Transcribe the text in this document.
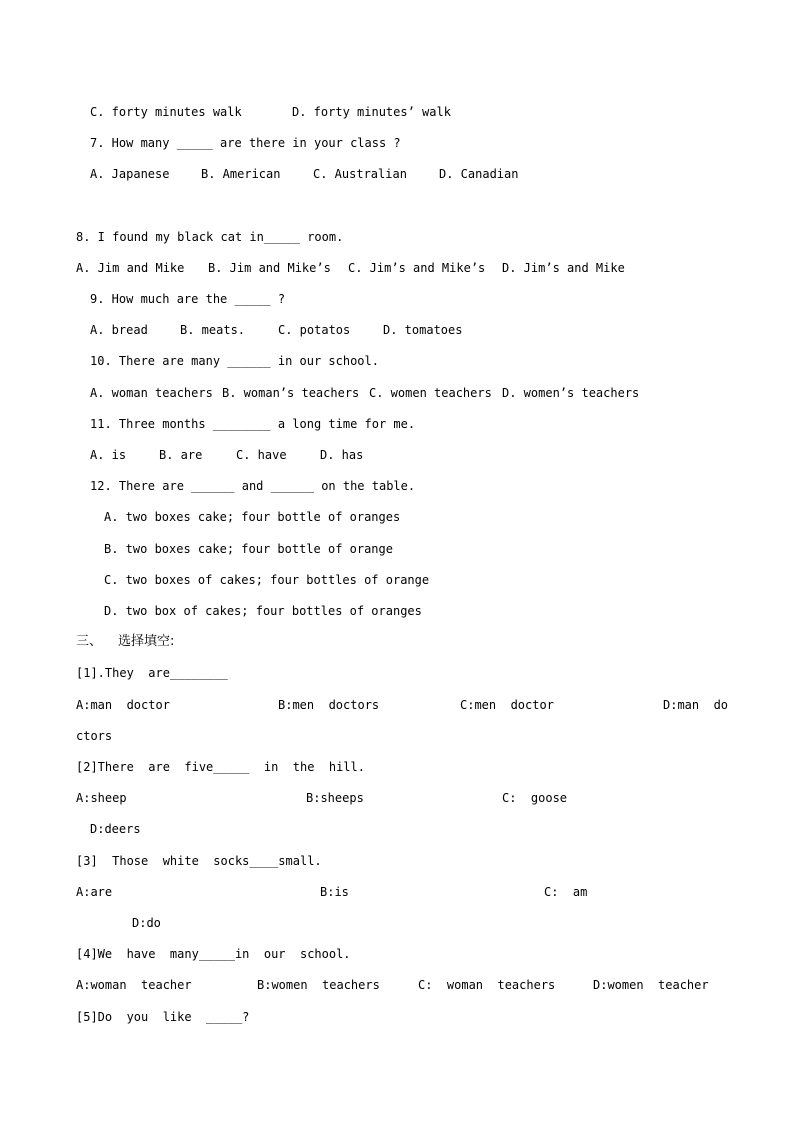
C. forty minutes walk

	D. forty minutes’ walk

7. How many _____ are there in your class ?

A. Japanese

	B. American

	C. Australian

	D. Canadian

8. I found my black cat in_____ room.

A. Jim and Mike

B. Jim and Mike’s

C. Jim’s and Mike’s

D. Jim’s and Mike

9. How much are the _____ ?

A. bread

	B. meats.

	C. potatos

	D. tomatoes

10. There are many ______ in our school.

A. woman teachers

B. woman’s teachers

C. women teachers

D. women’s teachers

11. Three months ________ a long time for me.

A. is

	B. are

	C. have

	D. has

12. There are ______ and ______ on the table.

A. two boxes cake; four bottle of oranges

B. two boxes cake; four bottle of orange

C. two boxes of cakes; four bottles of orange

D. two box of cakes; four bottles of oranges

三、

选择填空:

[1].They  are________

A:man  doctor

	B:men  doctors

	C:men  doctor

	D:man  do

ctors

[2]There  are  five_____  in  the  hill.

A:sheep

	B:sheeps

	C:  goose

D:deers

[3]  Those  white  socks____small.

A:are

	B:is

	C:  am

D:do

[4]We  have  many_____in  our  school.

A:woman  teacher

	B:women  teachers

	C:  woman  teachers

	D:women  teacher

[5]Do  you  like  _____?
